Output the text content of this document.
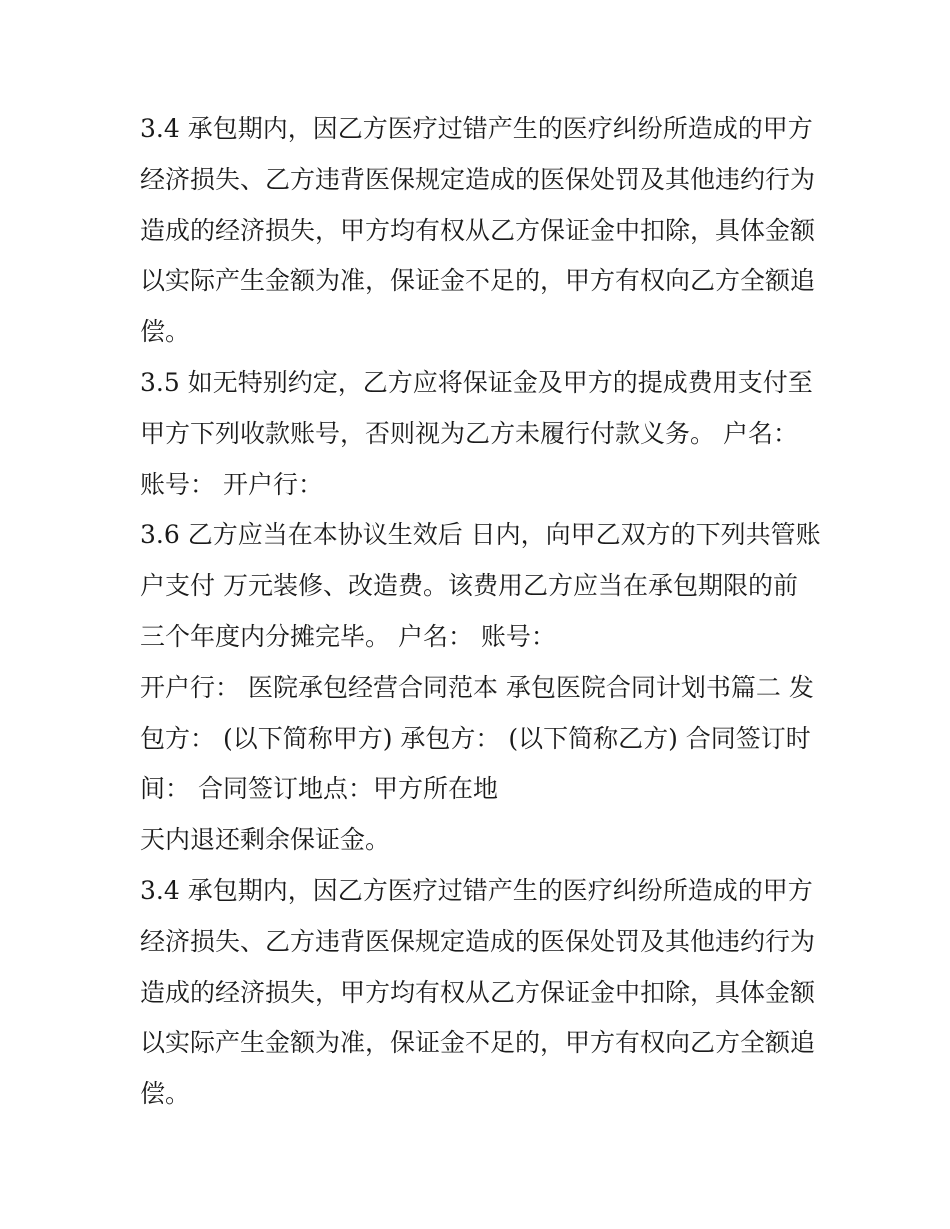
3.4 承包期内，因乙方医疗过错产生的医疗纠纷所造成的甲方
经济损失、乙方违背医保规定造成的医保处罚及其他违约行为
造成的经济损失，甲方均有权从乙方保证金中扣除，具体金额
以实际产生金额为准，保证金不足的，甲方有权向乙方全额追
偿。
3.5 如无特别约定，乙方应将保证金及甲方的提成费用支付至
甲方下列收款账号，否则视为乙方未履行付款义务。 户名：
账号： 开户行：
3.6 乙方应当在本协议生效后 日内，向甲乙双方的下列共管账
户支付 万元装修、改造费。该费用乙方应当在承包期限的前
三个年度内分摊完毕。 户名： 账号：
开户行： 医院承包经营合同范本 承包医院合同计划书篇二 发
包方： (以下简称甲方) 承包方： (以下简称乙方) 合同签订时
间： 合同签订地点：甲方所在地
天内退还剩余保证金。
3.4 承包期内，因乙方医疗过错产生的医疗纠纷所造成的甲方
经济损失、乙方违背医保规定造成的医保处罚及其他违约行为
造成的经济损失，甲方均有权从乙方保证金中扣除，具体金额
以实际产生金额为准，保证金不足的，甲方有权向乙方全额追
偿。
